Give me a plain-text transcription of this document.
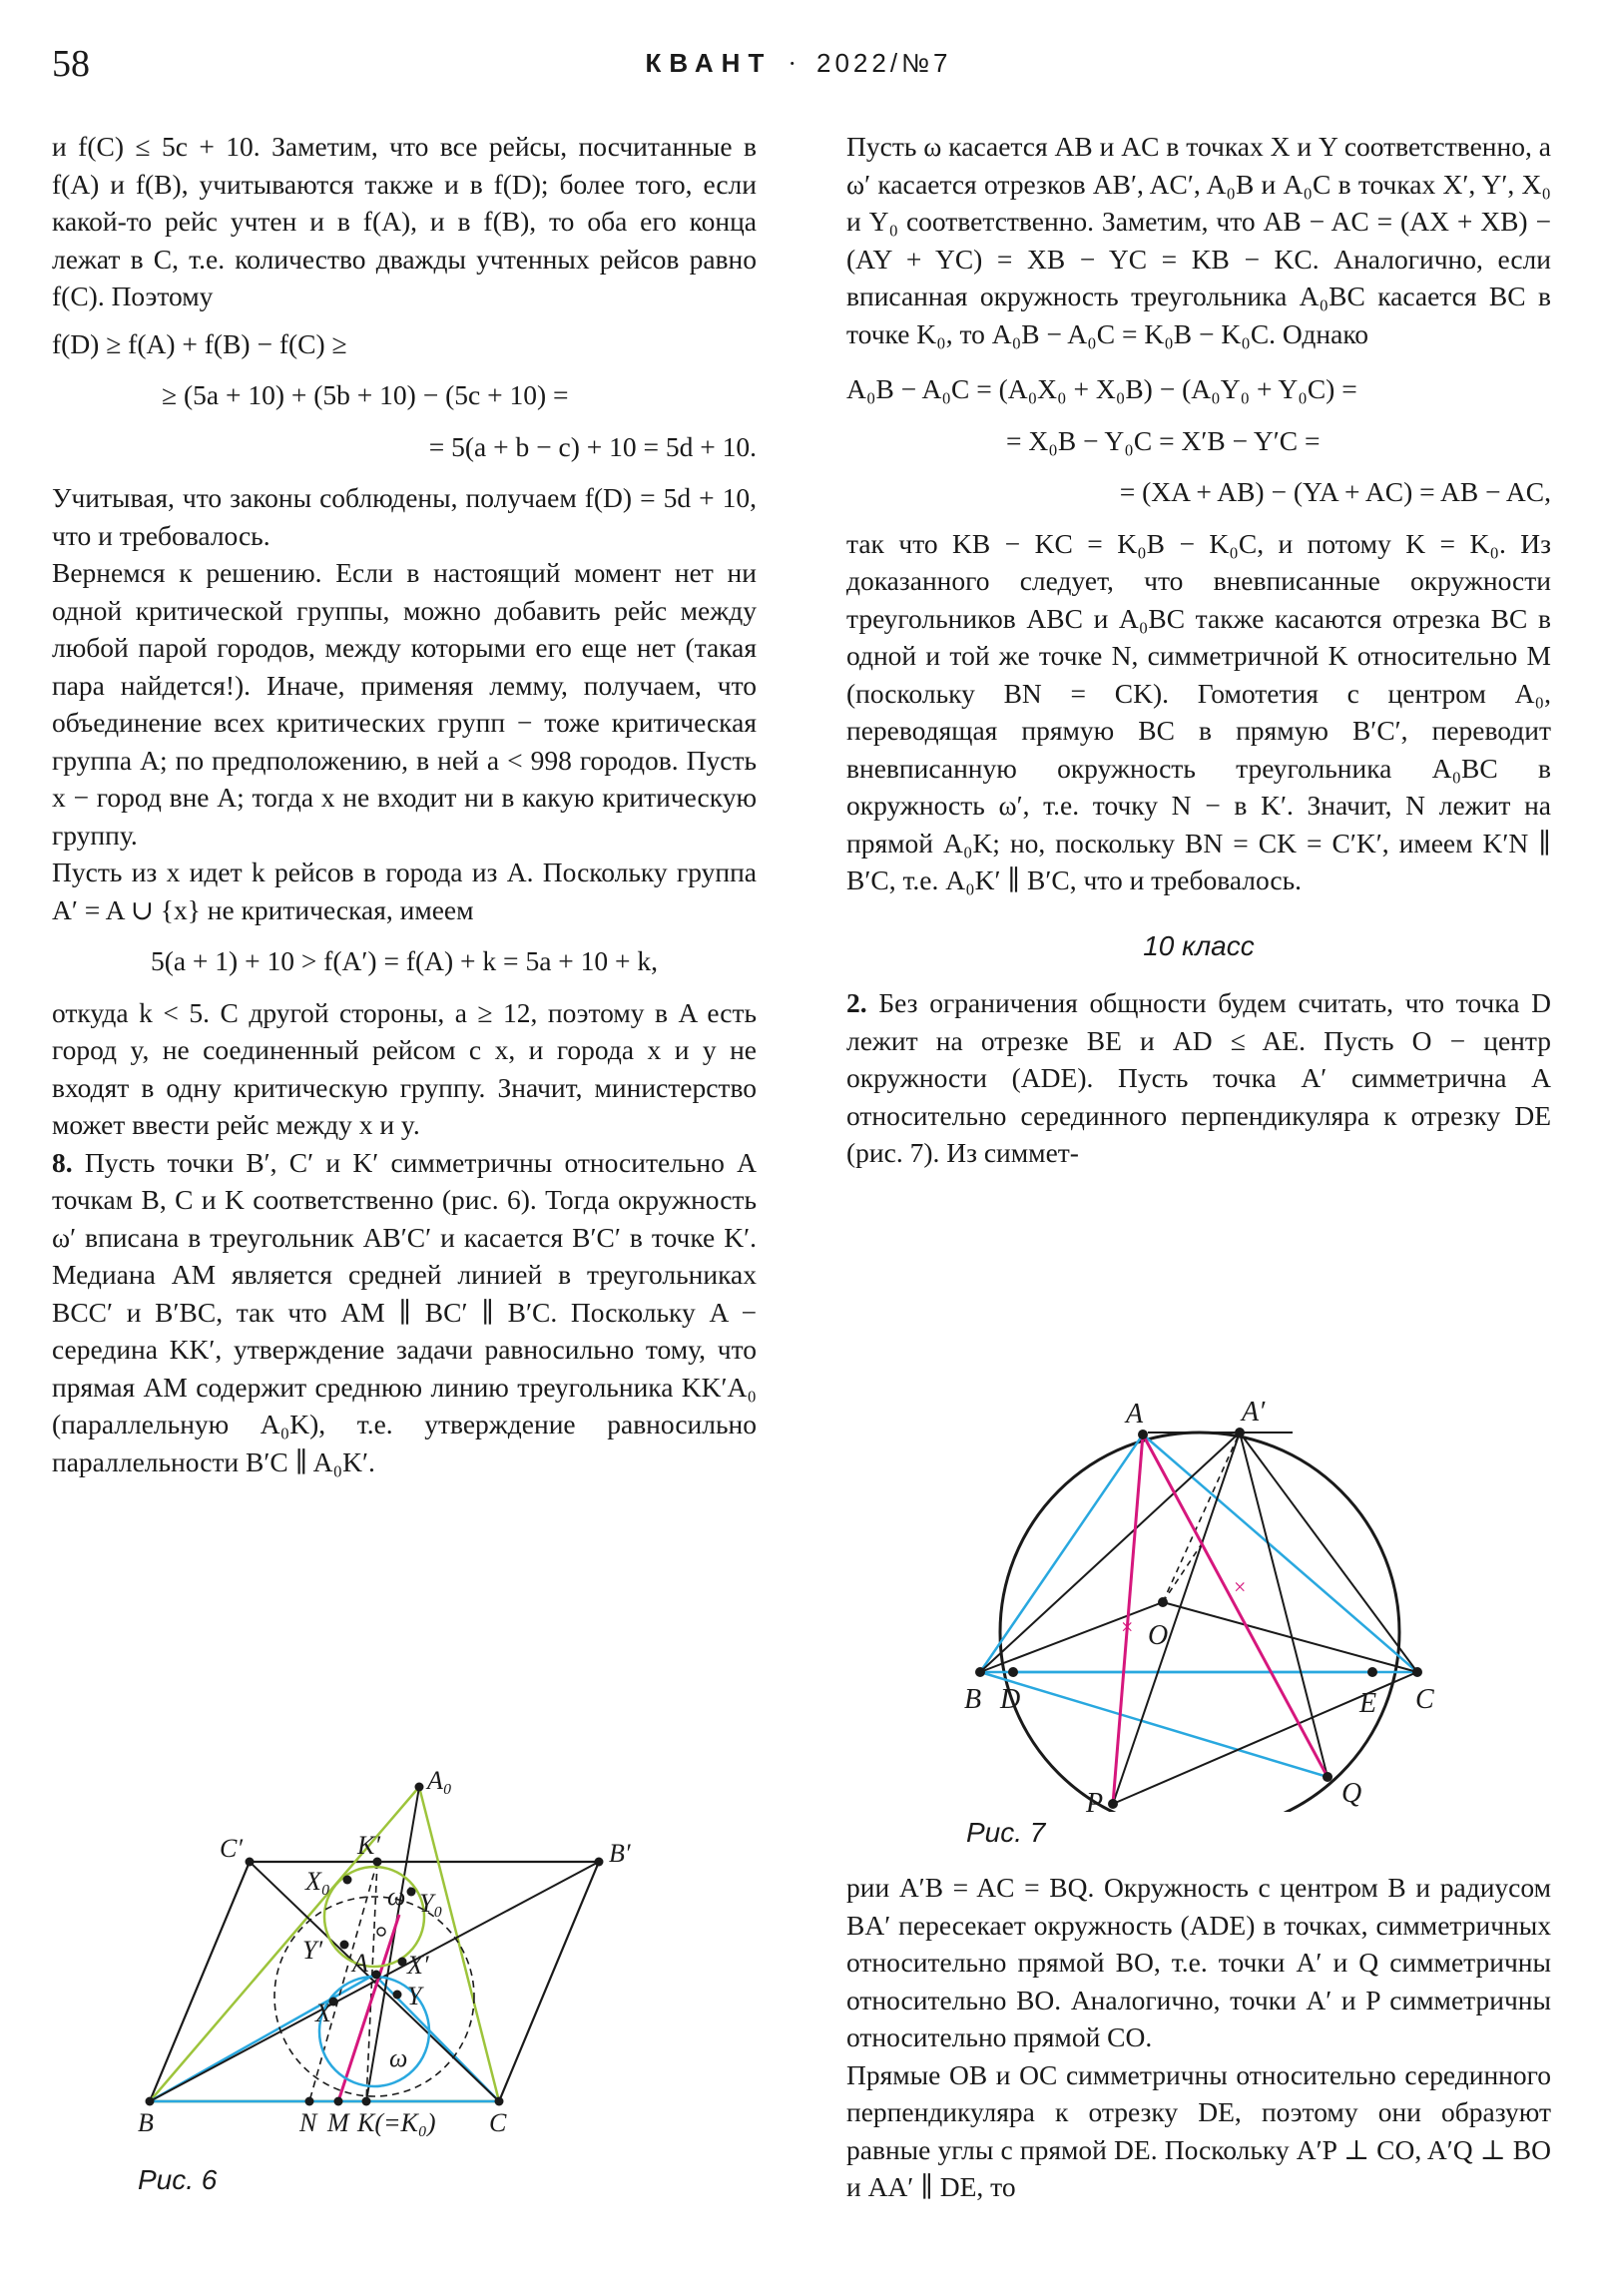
58	КВАНТ · 2022/№7

и f(C) ≤ 5c + 10. Заметим, что все рейсы, посчитанные в f(A) и f(B), учитываются также и в f(D); более того, если какой-то рейс учтен и в f(A), и в f(B), то оба его конца лежат в C, т.е. количество дважды учтенных рейсов равно f(C). Поэтому

f(D) ≥ f(A) + f(B) − f(C) ≥
≥ (5a + 10) + (5b + 10) − (5c + 10) =
= 5(a + b − c) + 10 = 5d + 10.

Учитывая, что законы соблюдены, получаем f(D) = 5d + 10, что и требовалось.

Вернемся к решению. Если в настоящий момент нет ни одной критической группы, можно добавить рейс между любой парой городов, между которыми его еще нет (такая пара найдется!). Иначе, применяя лемму, получаем, что объединение всех критических групп − тоже критическая группа A; по предположению, в ней a < 998 городов. Пусть x − город вне A; тогда x не входит ни в какую критическую группу.

Пусть из x идет k рейсов в города из A. Поскольку группа A′ = A ∪ {x} не критическая, имеем

5(a + 1) + 10 > f(A′) = f(A) + k = 5a + 10 + k,

откуда k < 5. С другой стороны, a ≥ 12, поэтому в A есть город y, не соединенный рейсом с x, и города x и y не входят в одну критическую группу. Значит, министерство может ввести рейс между x и y.

8. Пусть точки B′, C′ и K′ симметричны относительно A точкам B, C и K соответственно (рис. 6). Тогда окружность ω′ вписана в треугольник AB′C′ и касается B′C′ в точке K′. Медиана AM является средней линией в треугольниках BCC′ и B′BC, так что AM ∥ BC′ ∥ B′C. Поскольку A − середина KK′, утверждение задачи равносильно тому, что прямая AM содержит среднюю линию треугольника KK′A₀ (параллельную A₀K), т.е. утверждение равносильно параллельности B′C ∥ A₀K′.

A₀
C′	B′
K′
X₀
Y₀
ω′
Y′ A X′
X
Y
ω
B	N M K(=K₀) C
Рис. 6

Пусть ω касается AB и AC в точках X и Y соответственно, а ω′ касается отрезков AB′, AC′, A₀B и A₀C в точках X′, Y′, X₀ и Y₀ соответственно. Заметим, что AB − AC = (AX + XB) − (AY + YC) = XB − YC = KB − KC. Аналогично, если вписанная окружность треугольника A₀BC касается BC в точке K₀, то A₀B − A₀C = K₀B − K₀C. Однако

A₀B − A₀C = (A₀X₀ + X₀B) − (A₀Y₀ + Y₀C) =
= X₀B − Y₀C = X′B − Y′C =
= (XA + AB) − (YA + AC) = AB − AC,

так что KB − KC = K₀B − K₀C, и потому K = K₀. Из доказанного следует, что вневписанные окружности треугольников ABC и A₀BC также касаются отрезка BC в одной и той же точке N, симметричной K относительно M (поскольку BN = CK). Гомотетия с центром A₀, переводящая прямую BC в прямую B′C′, переводит вневписанную окружность треугольника A₀BC в окружность ω′, т.е. точку N − в K′. Значит, N лежит на прямой A₀K; но, поскольку BN = CK = C′K′, имеем K′N ∥ B′C, т.е. A₀K′ ∥ B′C, что и требовалось.

10 класс

2. Без ограничения общности будем считать, что точка D лежит на отрезке BE и AD ≤ AE. Пусть O − центр окружности (ADE). Пусть точка A′ симметрична A относительно серединного перпендикуляра к отрезку DE (рис. 7). Из симмет-

×
×
A	A′
O
B D	E C
P	Q
Рис. 7

рии A′B = AC = BQ. Окружность с центром B и радиусом BA′ пересекает окружность (ADE) в точках, симметричных относительно прямой BO, т.е. точки A′ и Q симметричны относительно BO. Аналогично, точки A′ и P симметричны относительно прямой CO.

Прямые OB и OC симметричны относительно серединного перпендикуляра к отрезку DE, поэтому они образуют равные углы с прямой DE. Поскольку A′P ⊥ CO, A′Q ⊥ BO и AA′ ∥ DE, то
